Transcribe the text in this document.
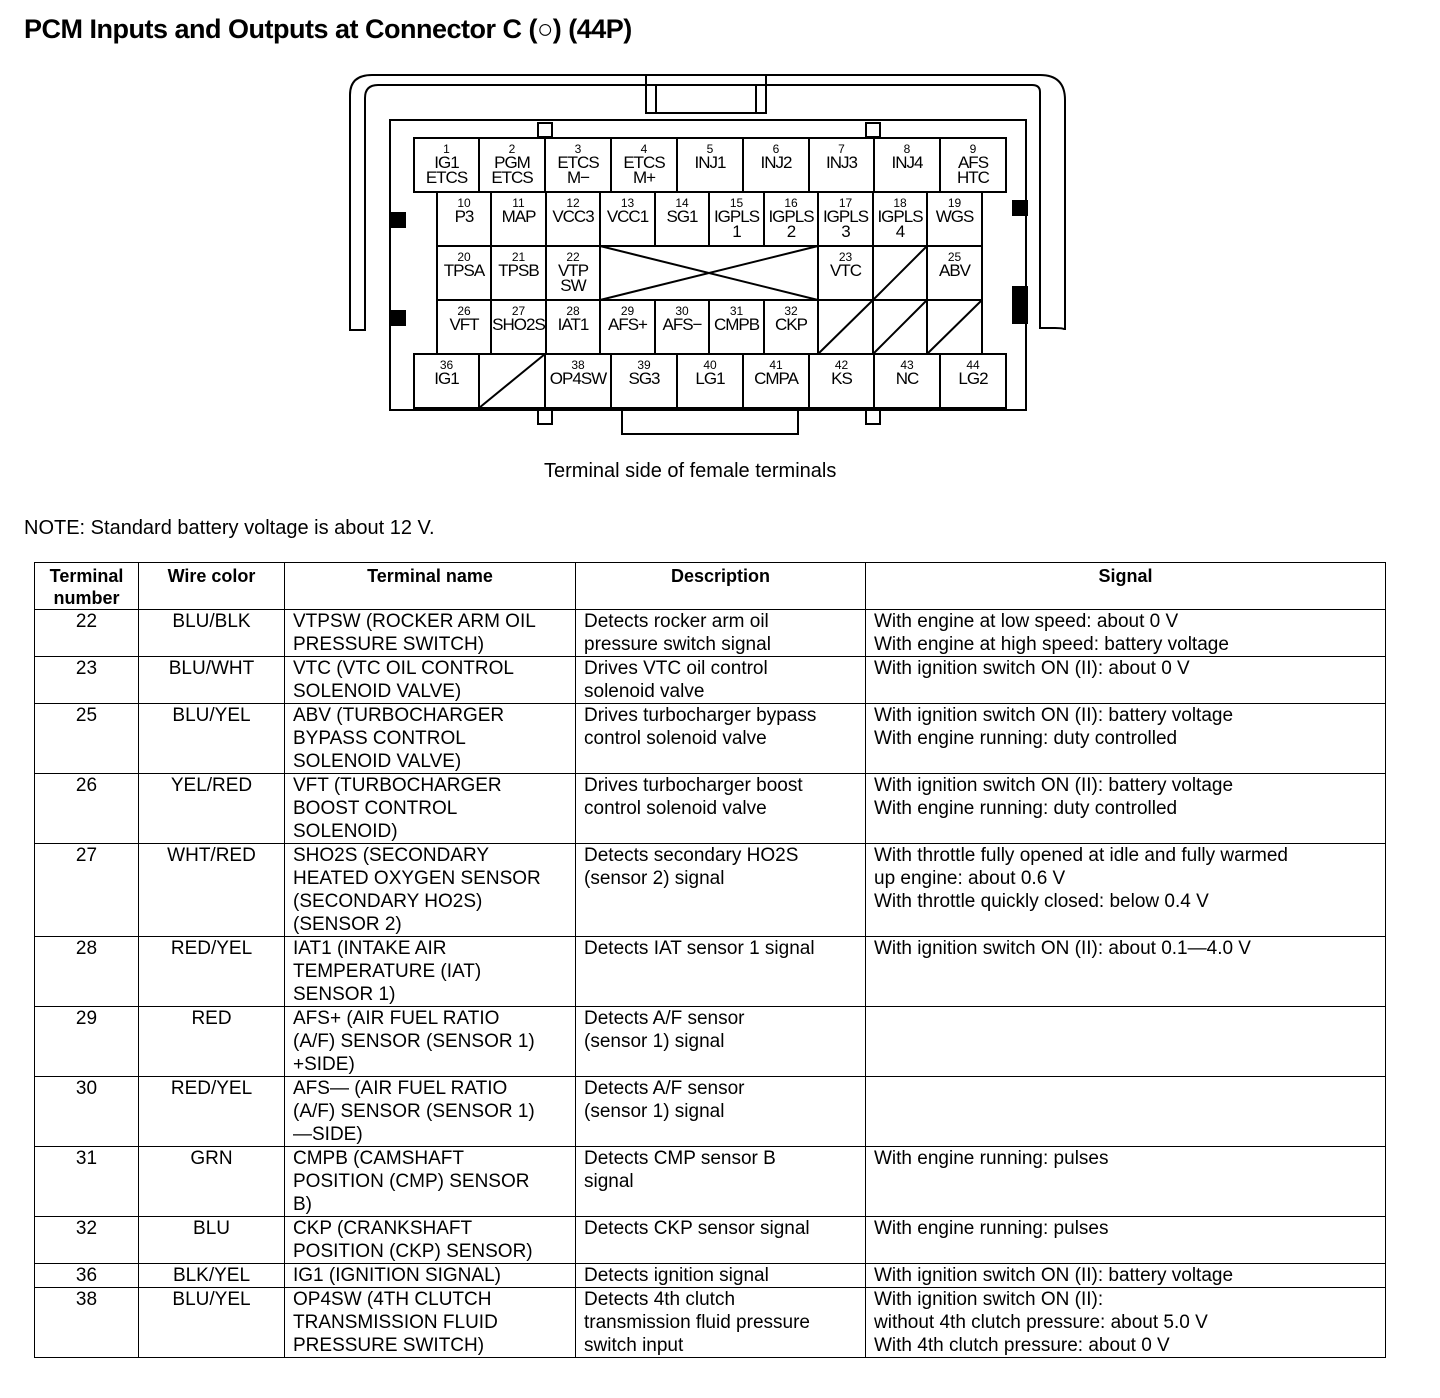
PCM Inputs and Outputs at Connector C (○) (44P)
1
IG1
ETCS
2
PGM
ETCS
3
ETCS
M−
4
ETCS
M+
5
INJ1
6
INJ2
7
INJ3
8
INJ4
9
AFS
HTC
10
P3
11
MAP
12
VCC3
13
VCC1
14
SG1
15
IGPLS
1
16
IGPLS
2
17
IGPLS
3
18
IGPLS
4
19
WGS
20
TPSA
21
TPSB
22
VTP
SW
23
VTC
25
ABV
26
VFT
27
SHO2S
28
IAT1
29
AFS+
30
AFS−
31
CMPB
32
CKP
36
IG1
38
OP4SW
39
SG3
40
LG1
41
CMPA
42
KS
43
NC
44
LG2
Terminal side of female terminals
NOTE: Standard battery voltage is about 12 V.
Terminal
number	Wire color	Terminal name	Description	Signal
22	BLU/BLK	VTPSW (ROCKER ARM OIL
PRESSURE SWITCH)	Detects rocker arm oil
pressure switch signal	With engine at low speed: about 0 V
With engine at high speed: battery voltage
23	BLU/WHT	VTC (VTC OIL CONTROL
SOLENOID VALVE)	Drives VTC oil control
solenoid valve	With ignition switch ON (II): about 0 V
25	BLU/YEL	ABV (TURBOCHARGER
BYPASS CONTROL
SOLENOID VALVE)	Drives turbocharger bypass
control solenoid valve	With ignition switch ON (II): battery voltage
With engine running: duty controlled
26	YEL/RED	VFT (TURBOCHARGER
BOOST CONTROL
SOLENOID)	Drives turbocharger boost
control solenoid valve	With ignition switch ON (II): battery voltage
With engine running: duty controlled
27	WHT/RED	SHO2S (SECONDARY
HEATED OXYGEN SENSOR
(SECONDARY HO2S)
(SENSOR 2)	Detects secondary HO2S
(sensor 2) signal	With throttle fully opened at idle and fully warmed
up engine: about 0.6 V
With throttle quickly closed: below 0.4 V
28	RED/YEL	IAT1 (INTAKE AIR
TEMPERATURE (IAT)
SENSOR 1)	Detects IAT sensor 1 signal	With ignition switch ON (II): about 0.1—4.0 V
29	RED	AFS+ (AIR FUEL RATIO
(A/F) SENSOR (SENSOR 1)
+SIDE)	Detects A/F sensor
(sensor 1) signal	
30	RED/YEL	AFS— (AIR FUEL RATIO
(A/F) SENSOR (SENSOR 1)
—SIDE)	Detects A/F sensor
(sensor 1) signal	
31	GRN	CMPB (CAMSHAFT
POSITION (CMP) SENSOR
B)	Detects CMP sensor B
signal	With engine running: pulses
32	BLU	CKP (CRANKSHAFT
POSITION (CKP) SENSOR)	Detects CKP sensor signal	With engine running: pulses
36	BLK/YEL	IG1 (IGNITION SIGNAL)	Detects ignition signal	With ignition switch ON (II): battery voltage
38	BLU/YEL	OP4SW (4TH CLUTCH
TRANSMISSION FLUID
PRESSURE SWITCH)	Detects 4th clutch
transmission fluid pressure
switch input	With ignition switch ON (II):
without 4th clutch pressure: about 5.0 V
With 4th clutch pressure: about 0 V
